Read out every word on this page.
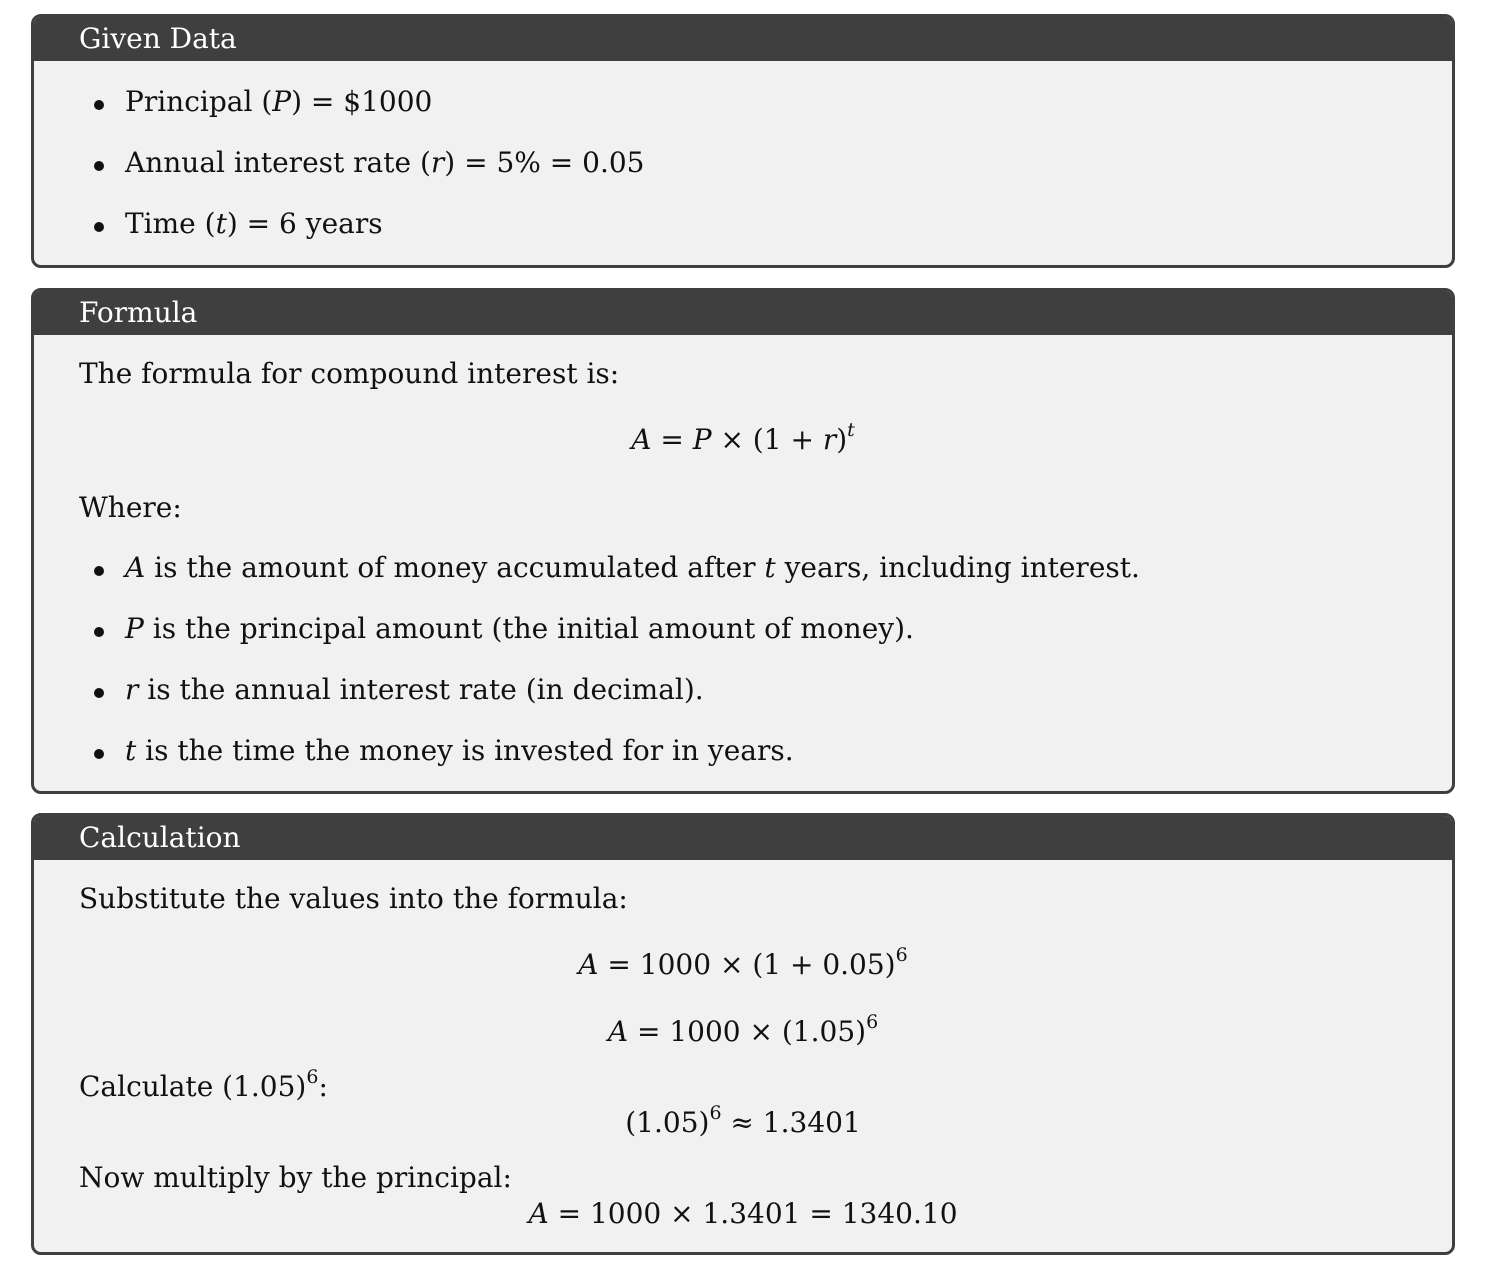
Given Data
Principal (P) = $1000
Annual interest rate (r) = 5% = 0.05
Time (t) = 6 years
Formula
The formula for compound interest is:
$A = P \times (1 + r)^t$
Where:
A is the amount of money accumulated after t years, including interest.
P is the principal amount (the initial amount of money).
r is the annual interest rate (in decimal).
t is the time the money is invested for in years.
Calculation
Substitute the values into the formula:
$A = 1000 \times (1 + 0.05)^6$
$A = 1000 \times (1.05)^6$
Calculate $(1.05)^6$:
$(1.05)^6 \approx 1.3401$
Now multiply by the principal:
A = 1000 × 1.3401 = 1340.10
